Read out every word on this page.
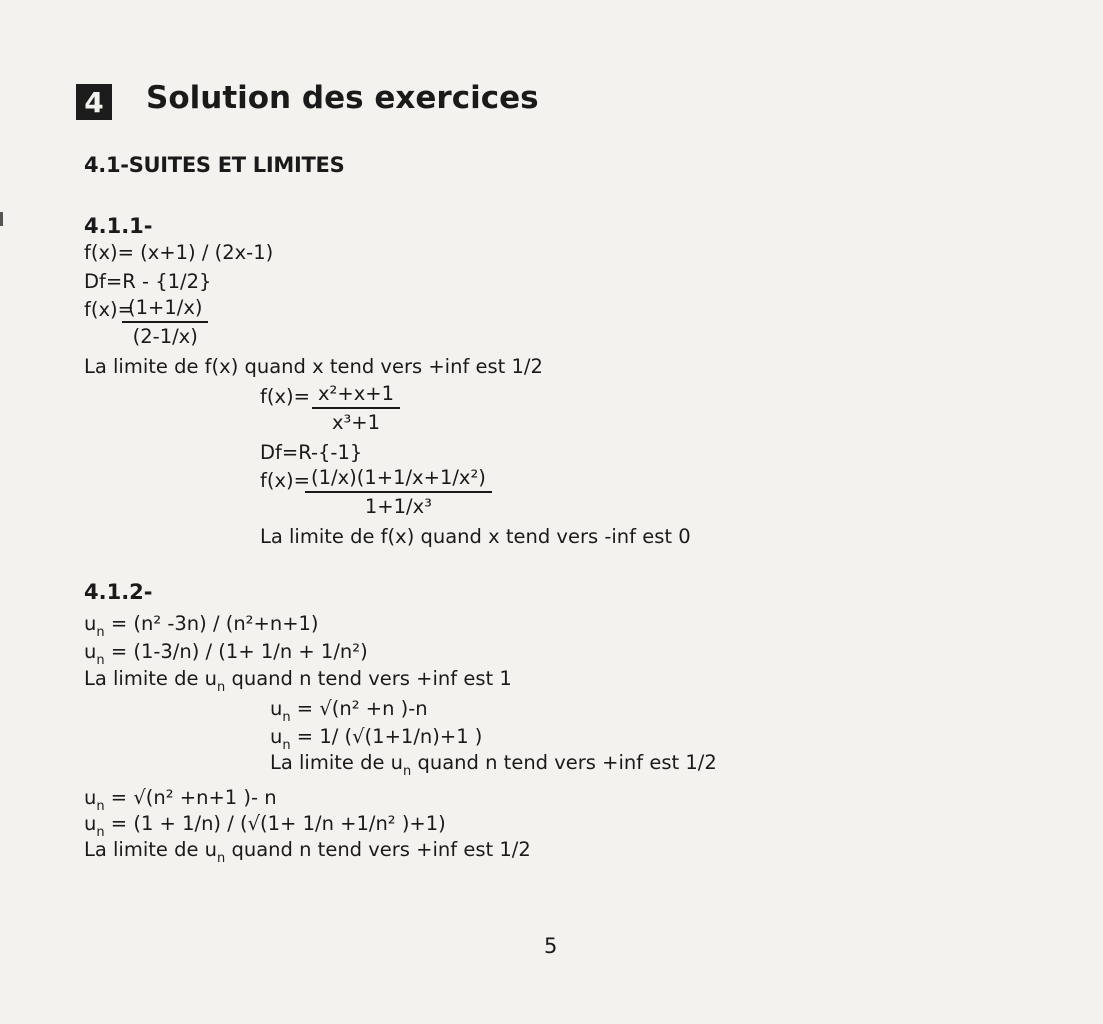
4 Solution des exercices
4.1-SUITES ET LIMITES
4.1.1-
f(x)= (x+1) / (2x-1)
Df=R - {1/2}
f(x)=
$\frac{(1+1/x)}{(2-1/x)}$
La limite de f(x) quand x tend vers +inf est 1/2
$f(x)= \frac{\text{x²+x+1}}{\text{x³+1}}$
Df=R-{-1}
f(x)=
$\frac{\text{(1/x)(1+1/x+1/x²)}}{\text{1+1/x³}}$
La limite de f(x) quand x tend vers -inf est 0
4.1.2-
$u_n = (n^2$ -3n) / (n²+n+1)
$u_n = (1-3/n) / (1+ 1/n + 1/n^2)$
La limite de $u_n$ quand n tend vers +inf est 1
$u_n = √(n^2 +n$ )-n
$u_n = 1/$ (√(1+1/n)+1 )
La limite de $u_n$ quand n tend vers +inf est 1/2
$u_n = √(n^2 +n+1$ )- n
$u_n = (1 + 1/n) / (√(1+ 1/n +1/n^2$ )+1)
La limite de $u_n$ quand n tend vers +inf est 1/2
5
